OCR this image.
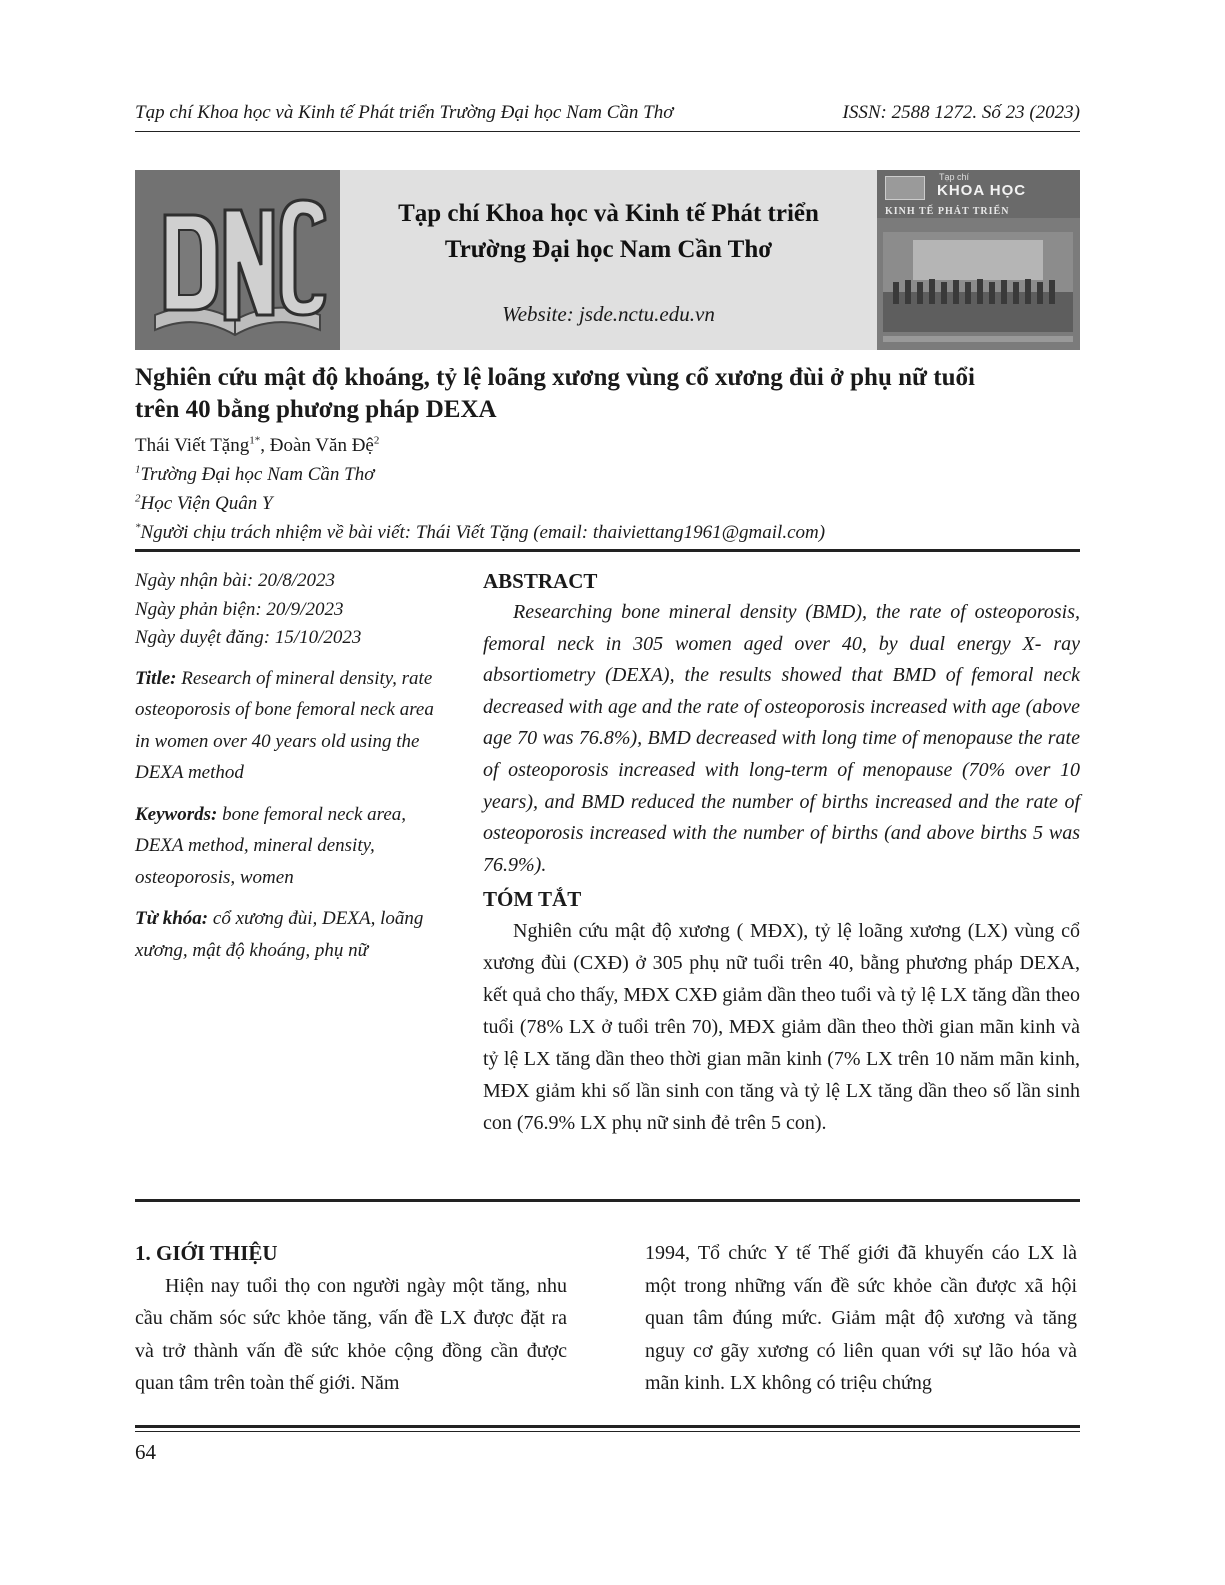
Tạp chí Khoa học và Kinh tế Phát triển Trường Đại học Nam Cần Thơ	ISSN: 2588 1272. Số 23 (2023)
Tạp chí Khoa học và Kinh tế Phát triển
Trường Đại học Nam Cần Thơ
Website: jsde.nctu.edu.vn
Tạp chí
KHOA HỌC
KINH TẾ PHÁT TRIỂN
Nghiên cứu mật độ khoáng, tỷ lệ loãng xương vùng cổ xương đùi ở phụ nữ tuổi
trên 40 bằng phương pháp DEXA
Thái Viết Tặng$^{1*}$, Đoàn Văn Đệ$^2$
$^1$Trường Đại học Nam Cần Thơ
$^2$Học Viện Quân Y
*Người chịu trách nhiệm về bài viết: Thái Viết Tặng (email: thaiviettang1961@gmail.com)
Ngày nhận bài: 20/8/2023
Ngày phản biện: 20/9/2023
Ngày duyệt đăng: 15/10/2023
Title: Research of mineral density, rate osteoporosis of bone femoral neck area in women over 40 years old using the DEXA method
Keywords: bone femoral neck area, DEXA method, mineral density, osteoporosis, women
Từ khóa: cổ xương đùi, DEXA, loãng xương, mật độ khoáng, phụ nữ
ABSTRACT
Researching bone mineral density (BMD), the rate of osteoporosis, femoral neck in 305 women aged over 40, by dual energy X- ray absortiometry (DEXA), the results showed that BMD of femoral neck decreased with age and the rate of osteoporosis increased with age (above age 70 was 76.8%), BMD decreased with long time of menopause the rate of osteoporosis increased with long-term of menopause (70% over 10 years), and BMD reduced the number of births increased and the rate of osteoporosis increased with the number of births (and above births 5 was 76.9%).
TÓM TẮT
Nghiên cứu mật độ xương ( MĐX), tỷ lệ loãng xương (LX) vùng cổ xương đùi (CXĐ) ở 305 phụ nữ tuổi trên 40, bằng phương pháp DEXA, kết quả cho thấy, MĐX CXĐ giảm dần theo tuổi và tỷ lệ LX tăng dần theo tuổi (78% LX ở tuổi trên 70), MĐX giảm dần theo thời gian mãn kinh và tỷ lệ LX tăng dần theo thời gian mãn kinh (7% LX trên 10 năm mãn kinh, MĐX giảm khi số lần sinh con tăng và tỷ lệ LX tăng dần theo số lần sinh con (76.9% LX phụ nữ sinh đẻ trên 5 con).
1. GIỚI THIỆU
Hiện nay tuổi thọ con người ngày một tăng, nhu cầu chăm sóc sức khỏe tăng, vấn đề LX được đặt ra và trở thành vấn đề sức khỏe cộng đồng cần được quan tâm trên toàn thế giới. Năm
1994, Tổ chức Y tế Thế giới đã khuyến cáo LX là một trong những vấn đề sức khỏe cần được xã hội quan tâm đúng mức. Giảm mật độ xương và tăng nguy cơ gãy xương có liên quan với sự lão hóa và mãn kinh. LX không có triệu chứng
64
